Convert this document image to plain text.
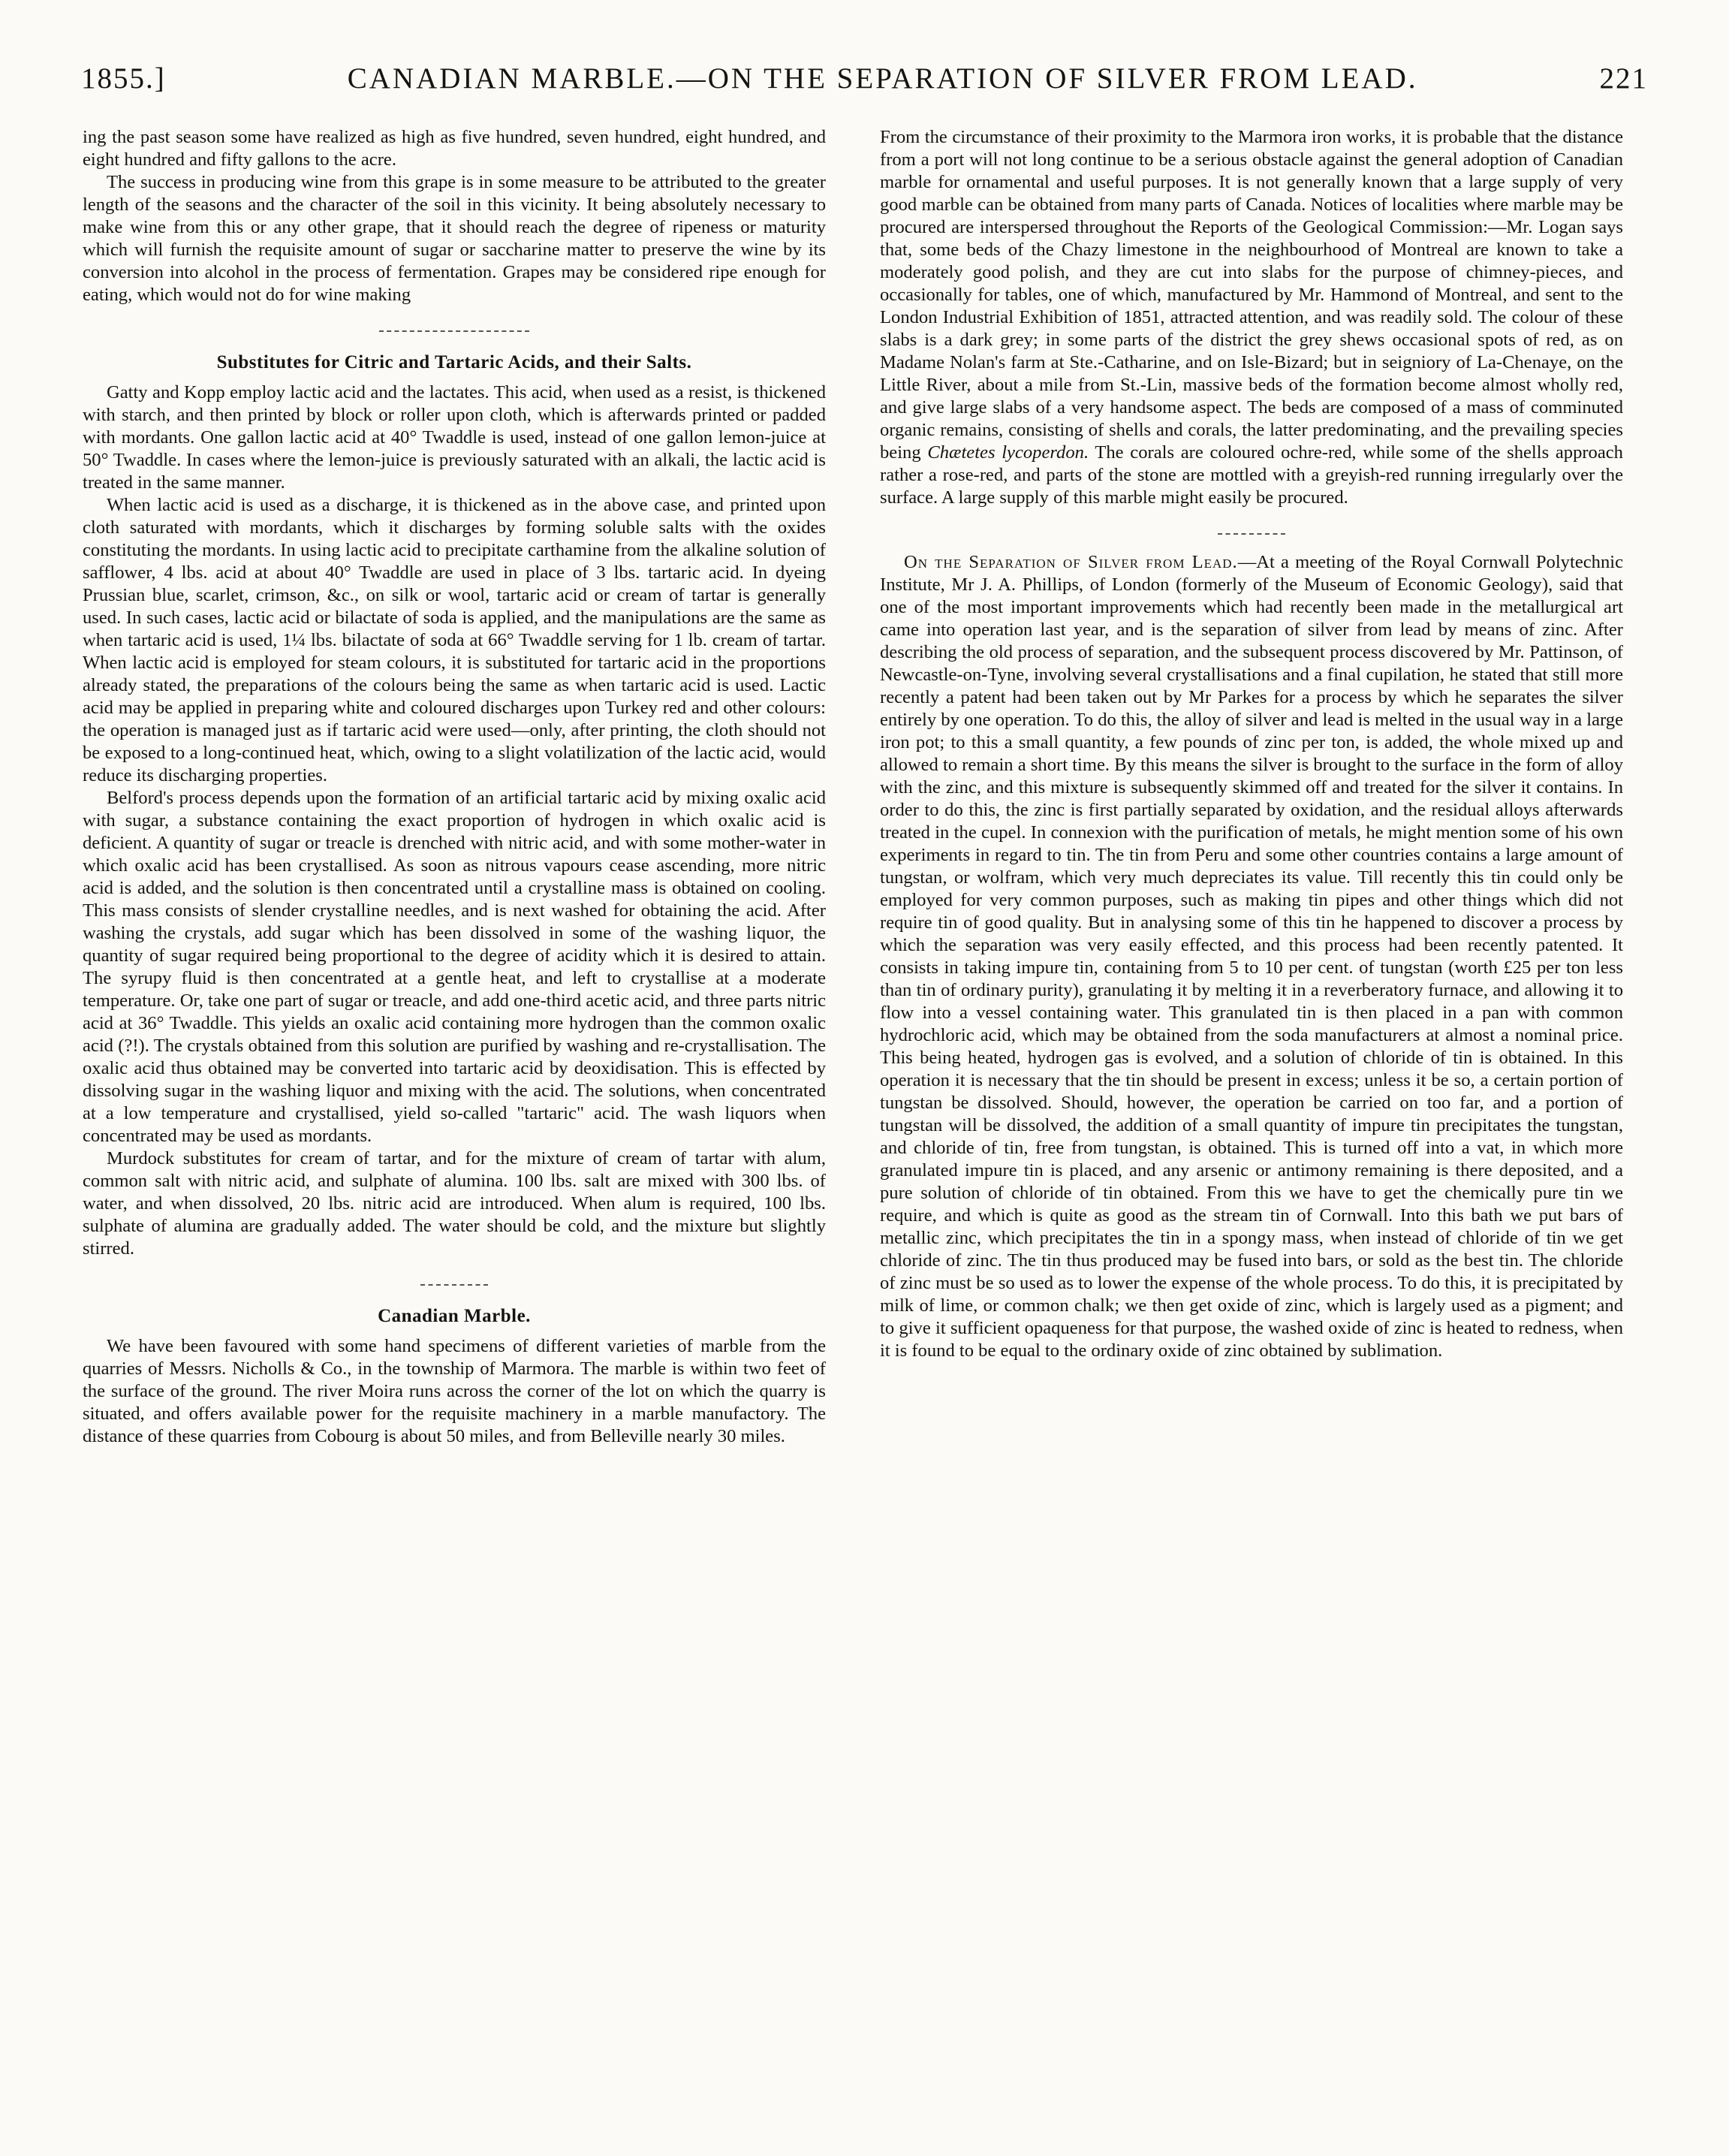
1855.]	CANADIAN MARBLE.—ON THE SEPARATION OF SILVER FROM LEAD.	221

ing the past season some have realized as high as five hundred, seven hundred, eight hundred, and eight hundred and fifty gallons to the acre.

The success in producing wine from this grape is in some measure to be attributed to the greater length of the seasons and the character of the soil in this vicinity. It being absolutely necessary to make wine from this or any other grape, that it should reach the degree of ripeness or maturity which will furnish the requisite amount of sugar or saccharine matter to preserve the wine by its conversion into alcohol in the process of fermentation. Grapes may be considered ripe enough for eating, which would not do for wine making

Substitutes for Citric and Tartaric Acids, and their Salts.

Gatty and Kopp employ lactic acid and the lactates. This acid, when used as a resist, is thickened with starch, and then printed by block or roller upon cloth, which is afterwards printed or padded with mordants. One gallon lactic acid at 40° Twaddle is used, instead of one gallon lemon-juice at 50° Twaddle. In cases where the lemon-juice is previously saturated with an alkali, the lactic acid is treated in the same manner.

When lactic acid is used as a discharge, it is thickened as in the above case, and printed upon cloth saturated with mordants, which it discharges by forming soluble salts with the oxides constituting the mordants. In using lactic acid to precipitate carthamine from the alkaline solution of safflower, 4 lbs. acid at about 40° Twaddle are used in place of 3 lbs. tartaric acid. In dyeing Prussian blue, scarlet, crimson, &c., on silk or wool, tartaric acid or cream of tartar is generally used. In such cases, lactic acid or bilactate of soda is applied, and the manipulations are the same as when tartaric acid is used, 1¼ lbs. bilactate of soda at 66° Twaddle serving for 1 lb. cream of tartar. When lactic acid is employed for steam colours, it is substituted for tartaric acid in the proportions already stated, the preparations of the colours being the same as when tartaric acid is used. Lactic acid may be applied in preparing white and coloured discharges upon Turkey red and other colours: the operation is managed just as if tartaric acid were used—only, after printing, the cloth should not be exposed to a long-continued heat, which, owing to a slight volatilization of the lactic acid, would reduce its discharging properties.

Belford's process depends upon the formation of an artificial tartaric acid by mixing oxalic acid with sugar, a substance containing the exact proportion of hydrogen in which oxalic acid is deficient. A quantity of sugar or treacle is drenched with nitric acid, and with some mother-water in which oxalic acid has been crystallised. As soon as nitrous vapours cease ascending, more nitric acid is added, and the solution is then concentrated until a crystalline mass is obtained on cooling. This mass consists of slender crystalline needles, and is next washed for obtaining the acid. After washing the crystals, add sugar which has been dissolved in some of the washing liquor, the quantity of sugar required being proportional to the degree of acidity which it is desired to attain. The syrupy fluid is then concentrated at a gentle heat, and left to crystallise at a moderate temperature. Or, take one part of sugar or treacle, and add one-third acetic acid, and three parts nitric acid at 36° Twaddle. This yields an oxalic acid containing more hydrogen than the common oxalic acid (?!). The crystals obtained from this solution are purified by washing and re-crystallisation. The oxalic acid thus obtained may be converted into tartaric acid by deoxidisation. This is effected by dissolving sugar in the washing liquor and mixing with the acid. The solutions, when concentrated at a low temperature and crystallised, yield so-called "tartaric" acid. The wash liquors when concentrated may be used as mordants.

Murdock substitutes for cream of tartar, and for the mixture of cream of tartar with alum, common salt with nitric acid, and sulphate of alumina. 100 lbs. salt are mixed with 300 lbs. of water, and when dissolved, 20 lbs. nitric acid are introduced. When alum is required, 100 lbs. sulphate of alumina are gradually added. The water should be cold, and the mixture but slightly stirred.

Canadian Marble.

We have been favoured with some hand specimens of different varieties of marble from the quarries of Messrs. Nicholls & Co., in the township of Marmora. The marble is within two feet of the surface of the ground. The river Moira runs across the corner of the lot on which the quarry is situated, and offers available power for the requisite machinery in a marble manufactory. The distance of these quarries from Cobourg is about 50 miles, and from Belleville nearly 30 miles.

From the circumstance of their proximity to the Marmora iron works, it is probable that the distance from a port will not long continue to be a serious obstacle against the general adoption of Canadian marble for ornamental and useful purposes. It is not generally known that a large supply of very good marble can be obtained from many parts of Canada. Notices of localities where marble may be procured are interspersed throughout the Reports of the Geological Commission:—Mr. Logan says that, some beds of the Chazy limestone in the neighbourhood of Montreal are known to take a moderately good polish, and they are cut into slabs for the purpose of chimney-pieces, and occasionally for tables, one of which, manufactured by Mr. Hammond of Montreal, and sent to the London Industrial Exhibition of 1851, attracted attention, and was readily sold. The colour of these slabs is a dark grey; in some parts of the district the grey shews occasional spots of red, as on Madame Nolan's farm at Ste.-Catharine, and on Isle-Bizard; but in seigniory of La-Chenaye, on the Little River, about a mile from St.-Lin, massive beds of the formation become almost wholly red, and give large slabs of a very handsome aspect. The beds are composed of a mass of comminuted organic remains, consisting of shells and corals, the latter predominating, and the prevailing species being Chætetes lycoperdon. The corals are coloured ochre-red, while some of the shells approach rather a rose-red, and parts of the stone are mottled with a greyish-red running irregularly over the surface. A large supply of this marble might easily be procured.

On the Separation of Silver from Lead.—At a meeting of the Royal Cornwall Polytechnic Institute, Mr J. A. Phillips, of London (formerly of the Museum of Economic Geology), said that one of the most important improvements which had recently been made in the metallurgical art came into operation last year, and is the separation of silver from lead by means of zinc. After describing the old process of separation, and the subsequent process discovered by Mr. Pattinson, of Newcastle-on-Tyne, involving several crystallisations and a final cupilation, he stated that still more recently a patent had been taken out by Mr Parkes for a process by which he separates the silver entirely by one operation. To do this, the alloy of silver and lead is melted in the usual way in a large iron pot; to this a small quantity, a few pounds of zinc per ton, is added, the whole mixed up and allowed to remain a short time. By this means the silver is brought to the surface in the form of alloy with the zinc, and this mixture is subsequently skimmed off and treated for the silver it contains. In order to do this, the zinc is first partially separated by oxidation, and the residual alloys afterwards treated in the cupel. In connexion with the purification of metals, he might mention some of his own experiments in regard to tin. The tin from Peru and some other countries contains a large amount of tungstan, or wolfram, which very much depreciates its value. Till recently this tin could only be employed for very common purposes, such as making tin pipes and other things which did not require tin of good quality. But in analysing some of this tin he happened to discover a process by which the separation was very easily effected, and this process had been recently patented. It consists in taking impure tin, containing from 5 to 10 per cent. of tungstan (worth £25 per ton less than tin of ordinary purity), granulating it by melting it in a reverberatory furnace, and allowing it to flow into a vessel containing water. This granulated tin is then placed in a pan with common hydrochloric acid, which may be obtained from the soda manufacturers at almost a nominal price. This being heated, hydrogen gas is evolved, and a solution of chloride of tin is obtained. In this operation it is necessary that the tin should be present in excess; unless it be so, a certain portion of tungstan be dissolved. Should, however, the operation be carried on too far, and a portion of tungstan will be dissolved, the addition of a small quantity of impure tin precipitates the tungstan, and chloride of tin, free from tungstan, is obtained. This is turned off into a vat, in which more granulated impure tin is placed, and any arsenic or antimony remaining is there deposited, and a pure solution of chloride of tin obtained. From this we have to get the chemically pure tin we require, and which is quite as good as the stream tin of Cornwall. Into this bath we put bars of metallic zinc, which precipitates the tin in a spongy mass, when instead of chloride of tin we get chloride of zinc. The tin thus produced may be fused into bars, or sold as the best tin. The chloride of zinc must be so used as to lower the expense of the whole process. To do this, it is precipitated by milk of lime, or common chalk; we then get oxide of zinc, which is largely used as a pigment; and to give it sufficient opaqueness for that purpose, the washed oxide of zinc is heated to redness, when it is found to be equal to the ordinary oxide of zinc obtained by sublimation.
